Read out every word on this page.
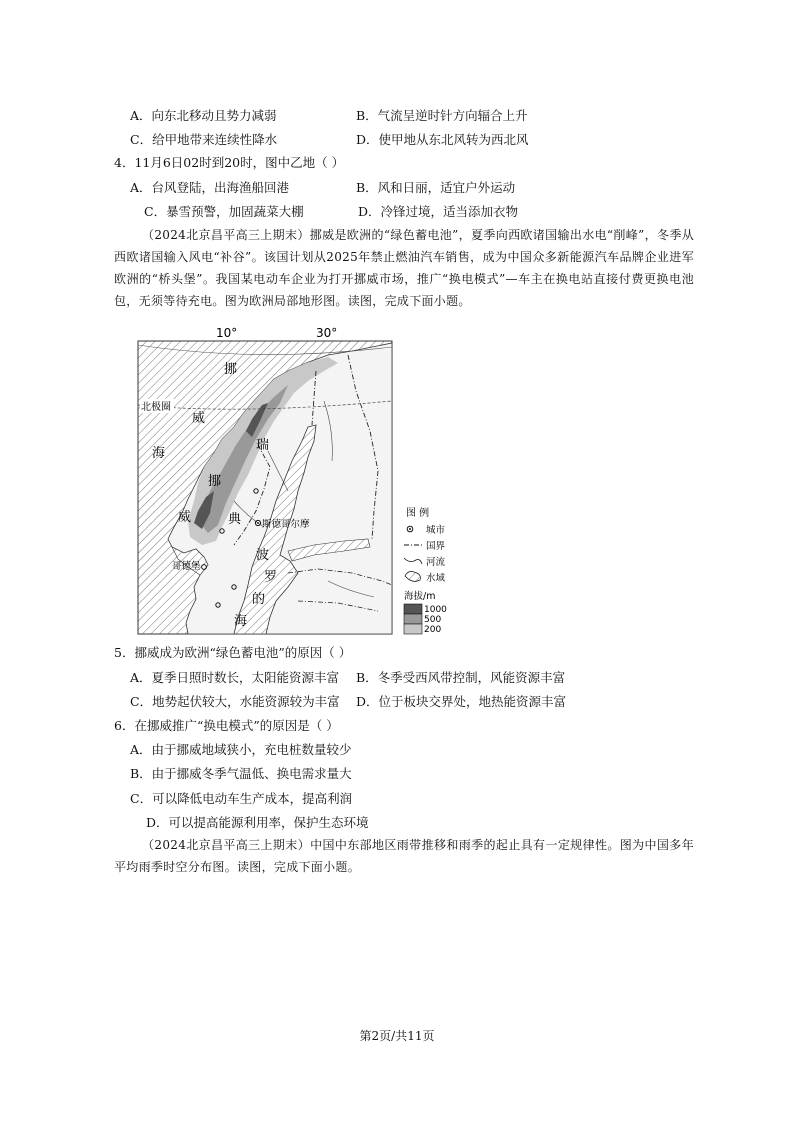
A．向东北移动且势力减弱	B．气流呈逆时针方向辐合上升
C．给甲地带来连续性降水	D．使甲地从东北风转为西北风
4．11月6日02时到20时，图中乙地（ ）
A．台风登陆，出海渔船回港	B．风和日丽，适宜户外运动
C．暴雪预警，加固蔬菜大棚	D．冷锋过境，适当添加衣物
（2024北京昌平高三上期末）挪威是欧洲的“绿色蓄电池”，夏季向西欧诸国输出水电“削峰”，冬季从西欧诸国输入风电“补谷”。该国计划从2025年禁止燃油汽车销售，成为中国众多新能源汽车品牌企业进军欧洲的“桥头堡”。我国某电动车企业为打开挪威市场，推广“换电模式”—车主在换电站直接付费更换电池包，无须等待充电。图为欧洲局部地形图。读图，完成下面小题。
10°	30°
北极圈
挪
威
海
瑞
挪
典
威
波
罗
的
海
斯德哥尔摩
哥德堡
图 例
城市
国界
河流
水域
海拔/m
1000
500
200
5．挪威成为欧洲“绿色蓄电池”的原因（ ）
A．夏季日照时数长，太阳能资源丰富 B．冬季受西风带控制，风能资源丰富
C．地势起伏较大，水能资源较为丰富 D．位于板块交界处，地热能资源丰富
6．在挪威推广“换电模式”的原因是（ ）
A．由于挪威地域狭小，充电桩数量较少
B．由于挪威冬季气温低、换电需求量大
C．可以降低电动车生产成本，提高利润
D．可以提高能源利用率，保护生态环境
（2024北京昌平高三上期末）中国中东部地区雨带推移和雨季的起止具有一定规律性。图为中国多年平均雨季时空分布图。读图，完成下面小题。
第2页/共11页
